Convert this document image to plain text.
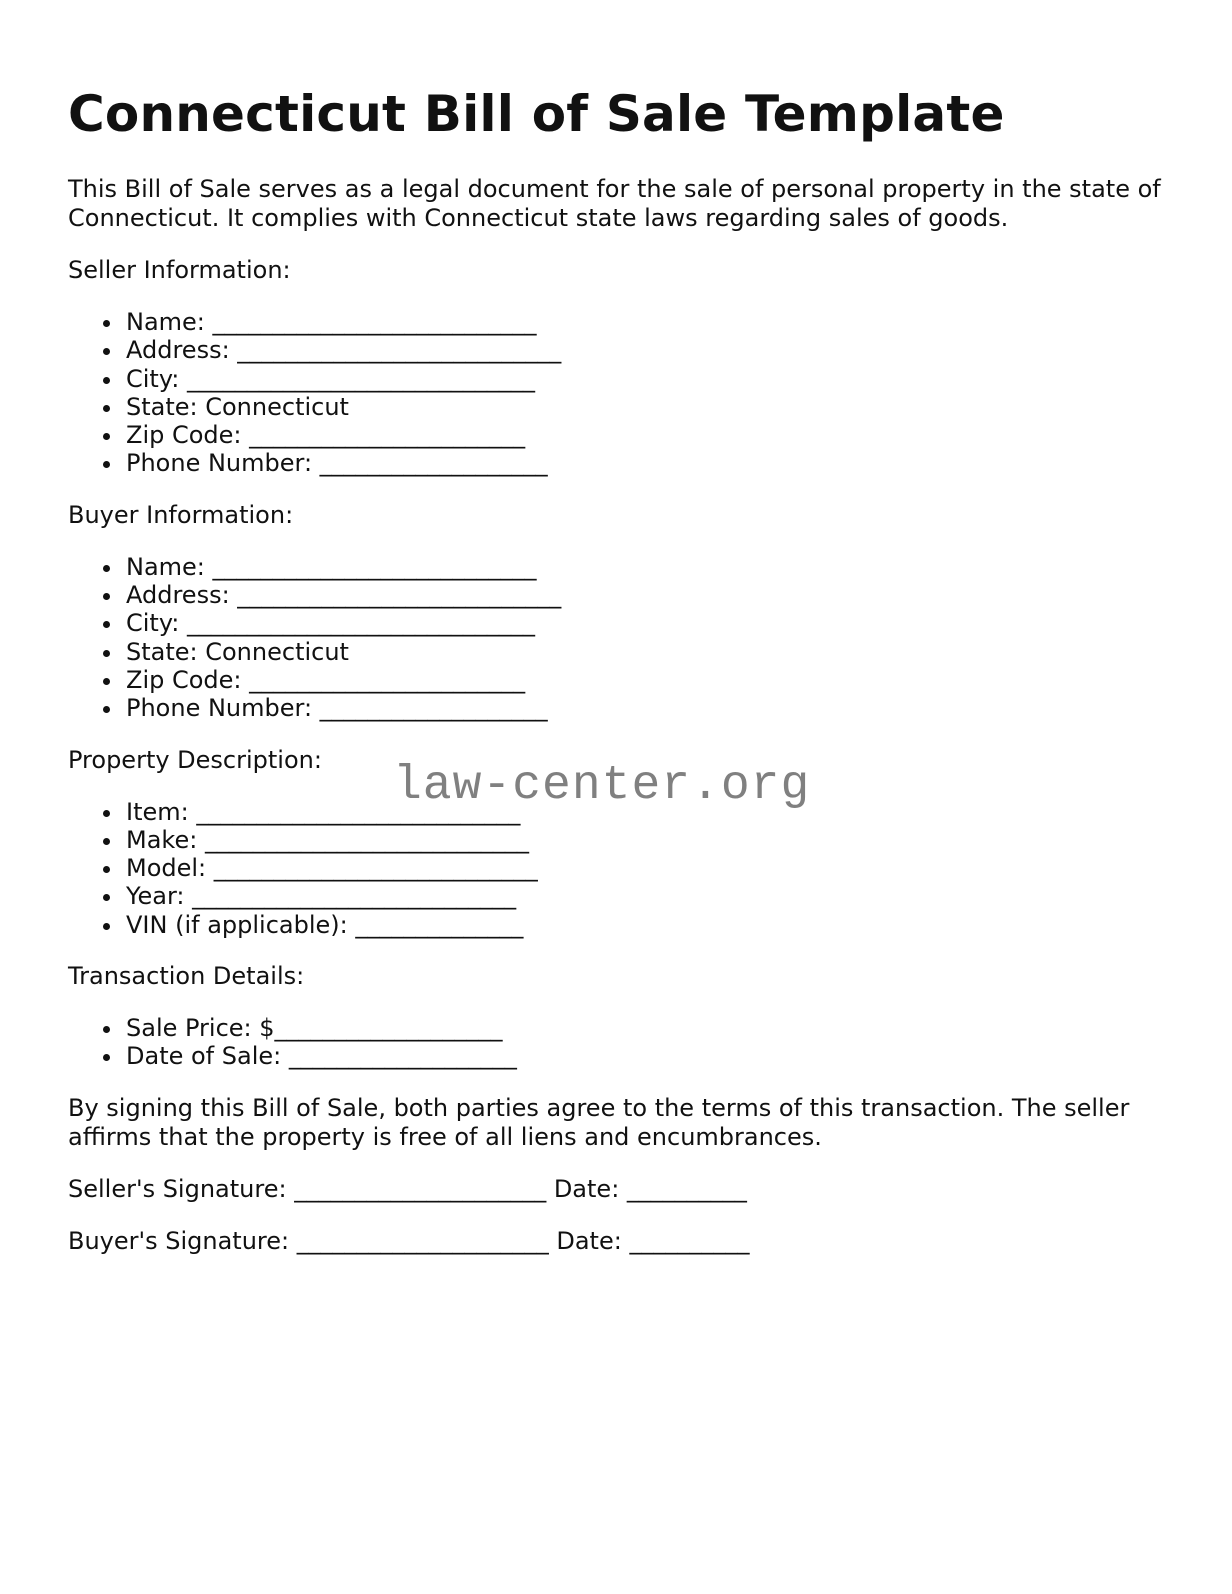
Connecticut Bill of Sale Template

This Bill of Sale serves as a legal document for the sale of personal property in the state of Connecticut. It complies with Connecticut state laws regarding sales of goods.

Seller Information:

Name: ___________________________
Address: ___________________________
City: _____________________________
State: Connecticut
Zip Code: _______________________
Phone Number: ___________________

Buyer Information:

Name: ___________________________
Address: ___________________________
City: _____________________________
State: Connecticut
Zip Code: _______________________
Phone Number: ___________________

Property Description:

Item: ___________________________
Make: ___________________________
Model: ___________________________
Year: ___________________________
VIN (if applicable): ______________

Transaction Details:

Sale Price: $___________________
Date of Sale: ___________________

By signing this Bill of Sale, both parties agree to the terms of this transaction. The seller affirms that the property is free of all liens and encumbrances.

Seller's Signature: _____________________ Date: __________

Buyer's Signature: _____________________ Date: __________

law-center.org
